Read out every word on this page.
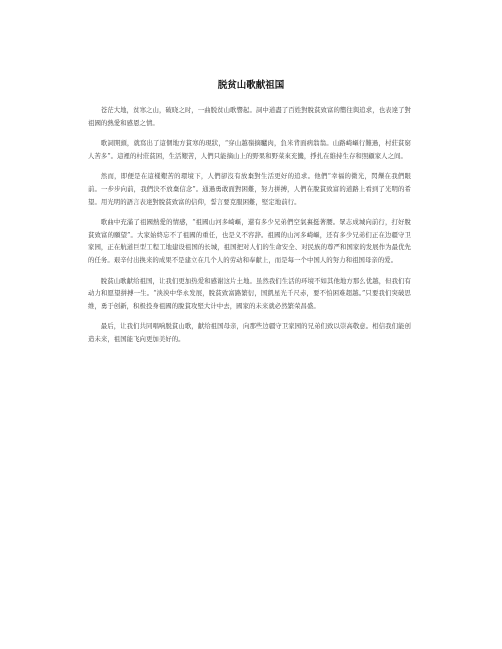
脱贫山歌献祖国

苍茫大地，贫寒之山，破晓之时，一曲脱贫山歌響起。詞中道盡了百姓對脫貧致富的嚮往與追求，也表達了對祖國的熱愛和感恩之情。

歌詞開頭，就寫出了這個地方貧寒的現狀，“穿山越嶺摘驢肉，負米背面病翁翁。山路崎嶇行難過，村莊貧窮人苦多”。這裡的村莊貧困，生活艱苦，人們只能摘山上的野果和野菜來充饑，掙扎在維持生存和照顧家人之间。

然而，即便是在這樣艱苦的環境下，人們卻沒有放棄對生活更好的追求。他們“幸福的微光，閃爍在我們眼前。一步步向前，我們決不放棄信念”。通過勇敢面對困難，努力拼搏，人們在脫貧致富的道路上看到了光明的希望。用光明的語言表達對脫貧致富的信仰，誓言要克服困難，堅定地前行。

歌曲中充滿了祖國熱愛的情感，“祖國山河多崎嶇，還有多少兄弟們空氣裏挺著腰。眾志成城向前行，打好脫貧致富的願望”。大家始終忘不了祖國的重任，也是义不容辞。祖國的山河多崎嶇，还有多少兄弟们正在边疆守卫家园，正在航道巨型工程工地建设祖国的长城，祖国把对人们的生命安全、对民族的尊严和国家的发展作为最优先的任务。艰辛付出换来的成果不是建立在几个人的劳动和奉献上，而是每一个中国人的努力和祖国母亲的爱。

脫貧山歌献给祖国，让我们更加热爱和感谢这片土地。虽然我们生活的环境不如其他地方那么优越，但我们有动力和愿望拼搏一生。“泱泱中华永发展，脫貧致富路繁衍，国凱星光千尺赤，要不怕困难超越。”只要我们突破思维，勇于创新，积极投身祖國的脫貧攻堅大计中去，國家的未来就必然繁荣昌盛。

最后，让我们共同唱响脱貧山歌，献给祖国母亲，向那些边疆守卫家园的兄弟们致以崇高敬意。相信我们能创造未来，祖国能飞向更加美好的。
